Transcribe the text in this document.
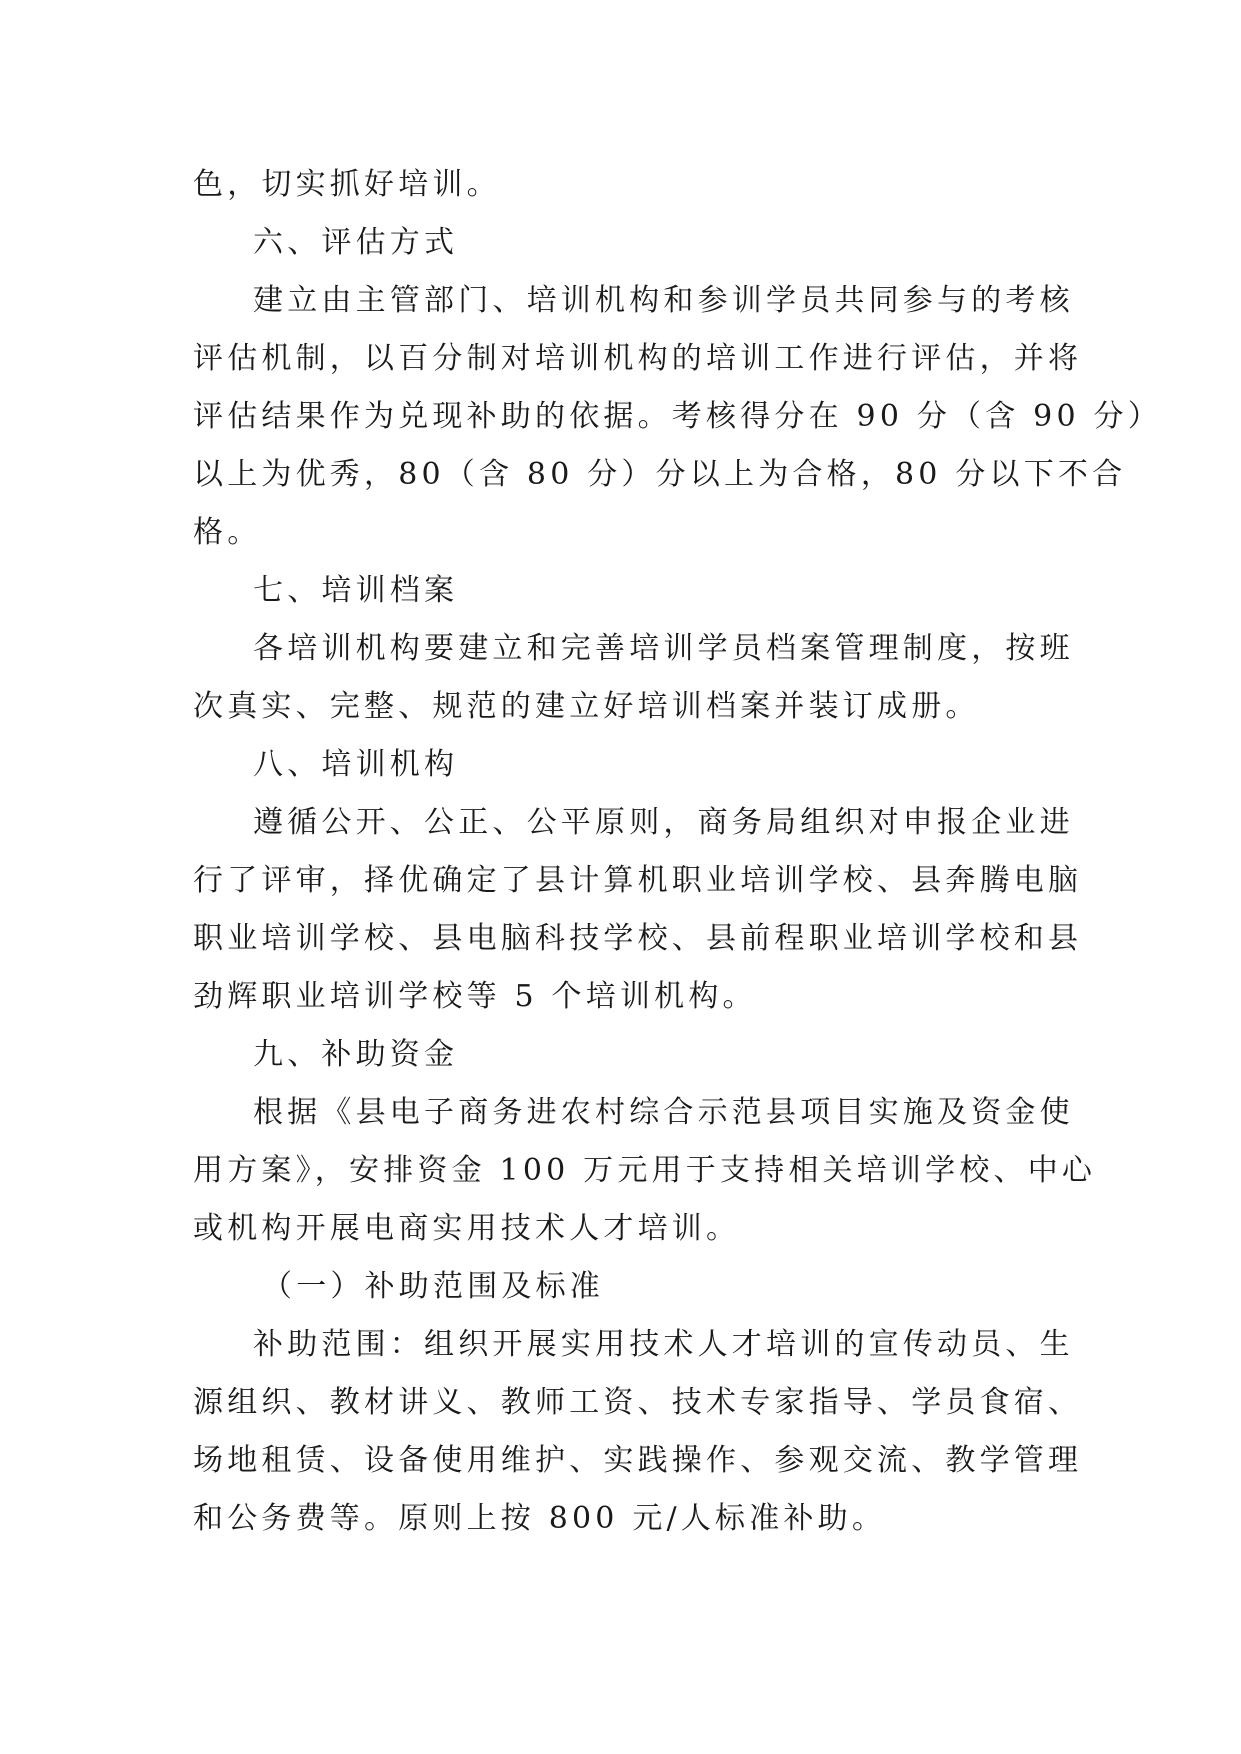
色，切实抓好培训。

六、评估方式

建立由主管部门、培训机构和参训学员共同参与的考核

评估机制，以百分制对培训机构的培训工作进行评估，并将

评估结果作为兑现补助的依据。考核得分在 90 分（含 90 分）

以上为优秀，80（含 80 分）分以上为合格，80 分以下不合

格。

七、培训档案

各培训机构要建立和完善培训学员档案管理制度，按班

次真实、完整、规范的建立好培训档案并装订成册。

八、培训机构

遵循公开、公正、公平原则，商务局组织对申报企业进

行了评审，择优确定了县计算机职业培训学校、县奔腾电脑

职业培训学校、县电脑科技学校、县前程职业培训学校和县

劲辉职业培训学校等 5 个培训机构。

九、补助资金

根据《县电子商务进农村综合示范县项目实施及资金使

用方案》，安排资金 100 万元用于支持相关培训学校、中心

或机构开展电商实用技术人才培训。

（一）补助范围及标准

补助范围：组织开展实用技术人才培训的宣传动员、生

源组织、教材讲义、教师工资、技术专家指导、学员食宿、

场地租赁、设备使用维护、实践操作、参观交流、教学管理

和公务费等。原则上按 800 元/人标准补助。
